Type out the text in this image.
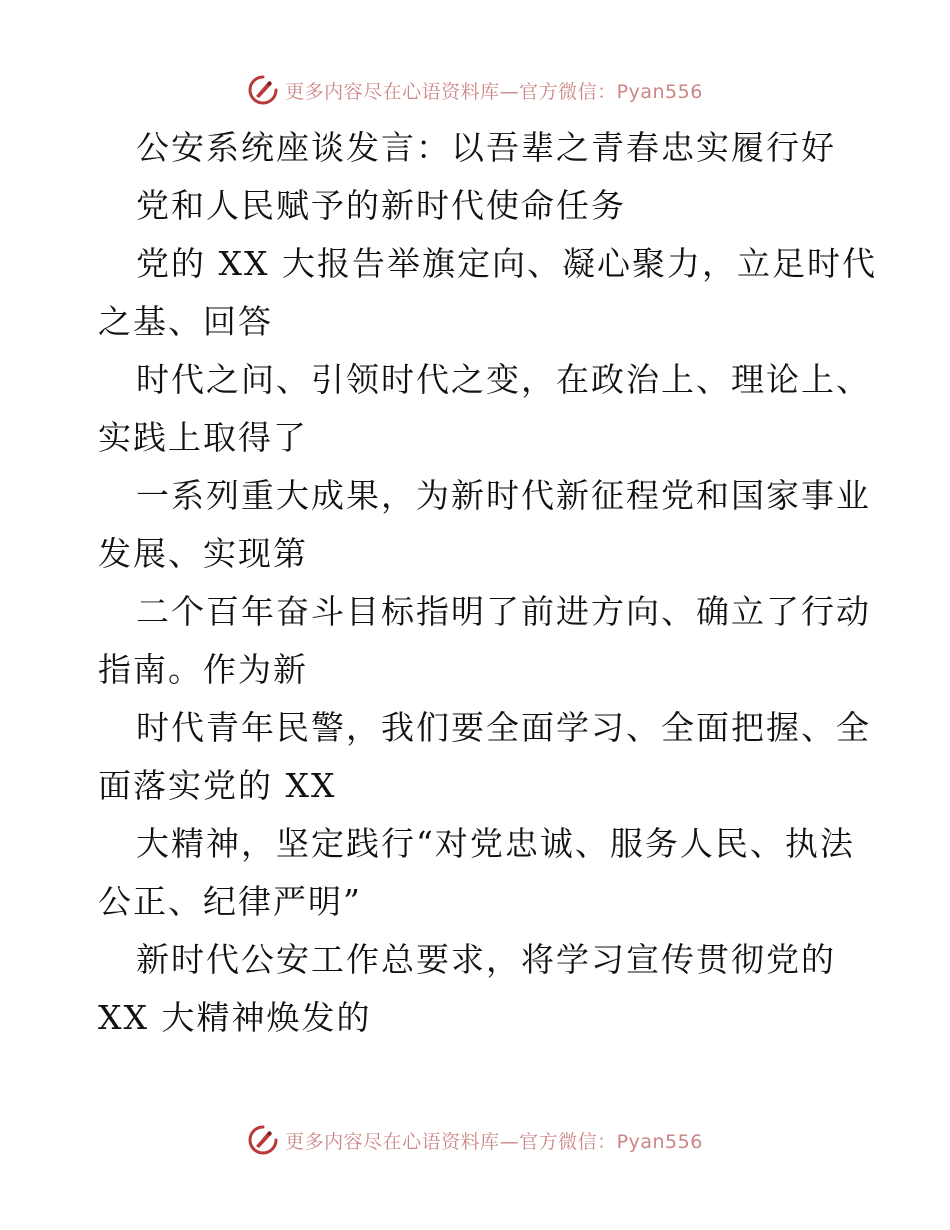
更多内容尽在心语资料库—官方微信：Pyan556
公安系统座谈发言：以吾辈之青春忠实履行好
党和人民赋予的新时代使命任务
党的 XX 大报告举旗定向、凝心聚力，立足时代
之基、回答
时代之问、引领时代之变，在政治上、理论上、
实践上取得了
一系列重大成果，为新时代新征程党和国家事业
发展、实现第
二个百年奋斗目标指明了前进方向、确立了行动
指南。作为新
时代青年民警，我们要全面学习、全面把握、全
面落实党的 XX
大精神，坚定践行“对党忠诚、服务人民、执法
公正、纪律严明”
新时代公安工作总要求，将学习宣传贯彻党的
XX 大精神焕发的
更多内容尽在心语资料库—官方微信：Pyan556
